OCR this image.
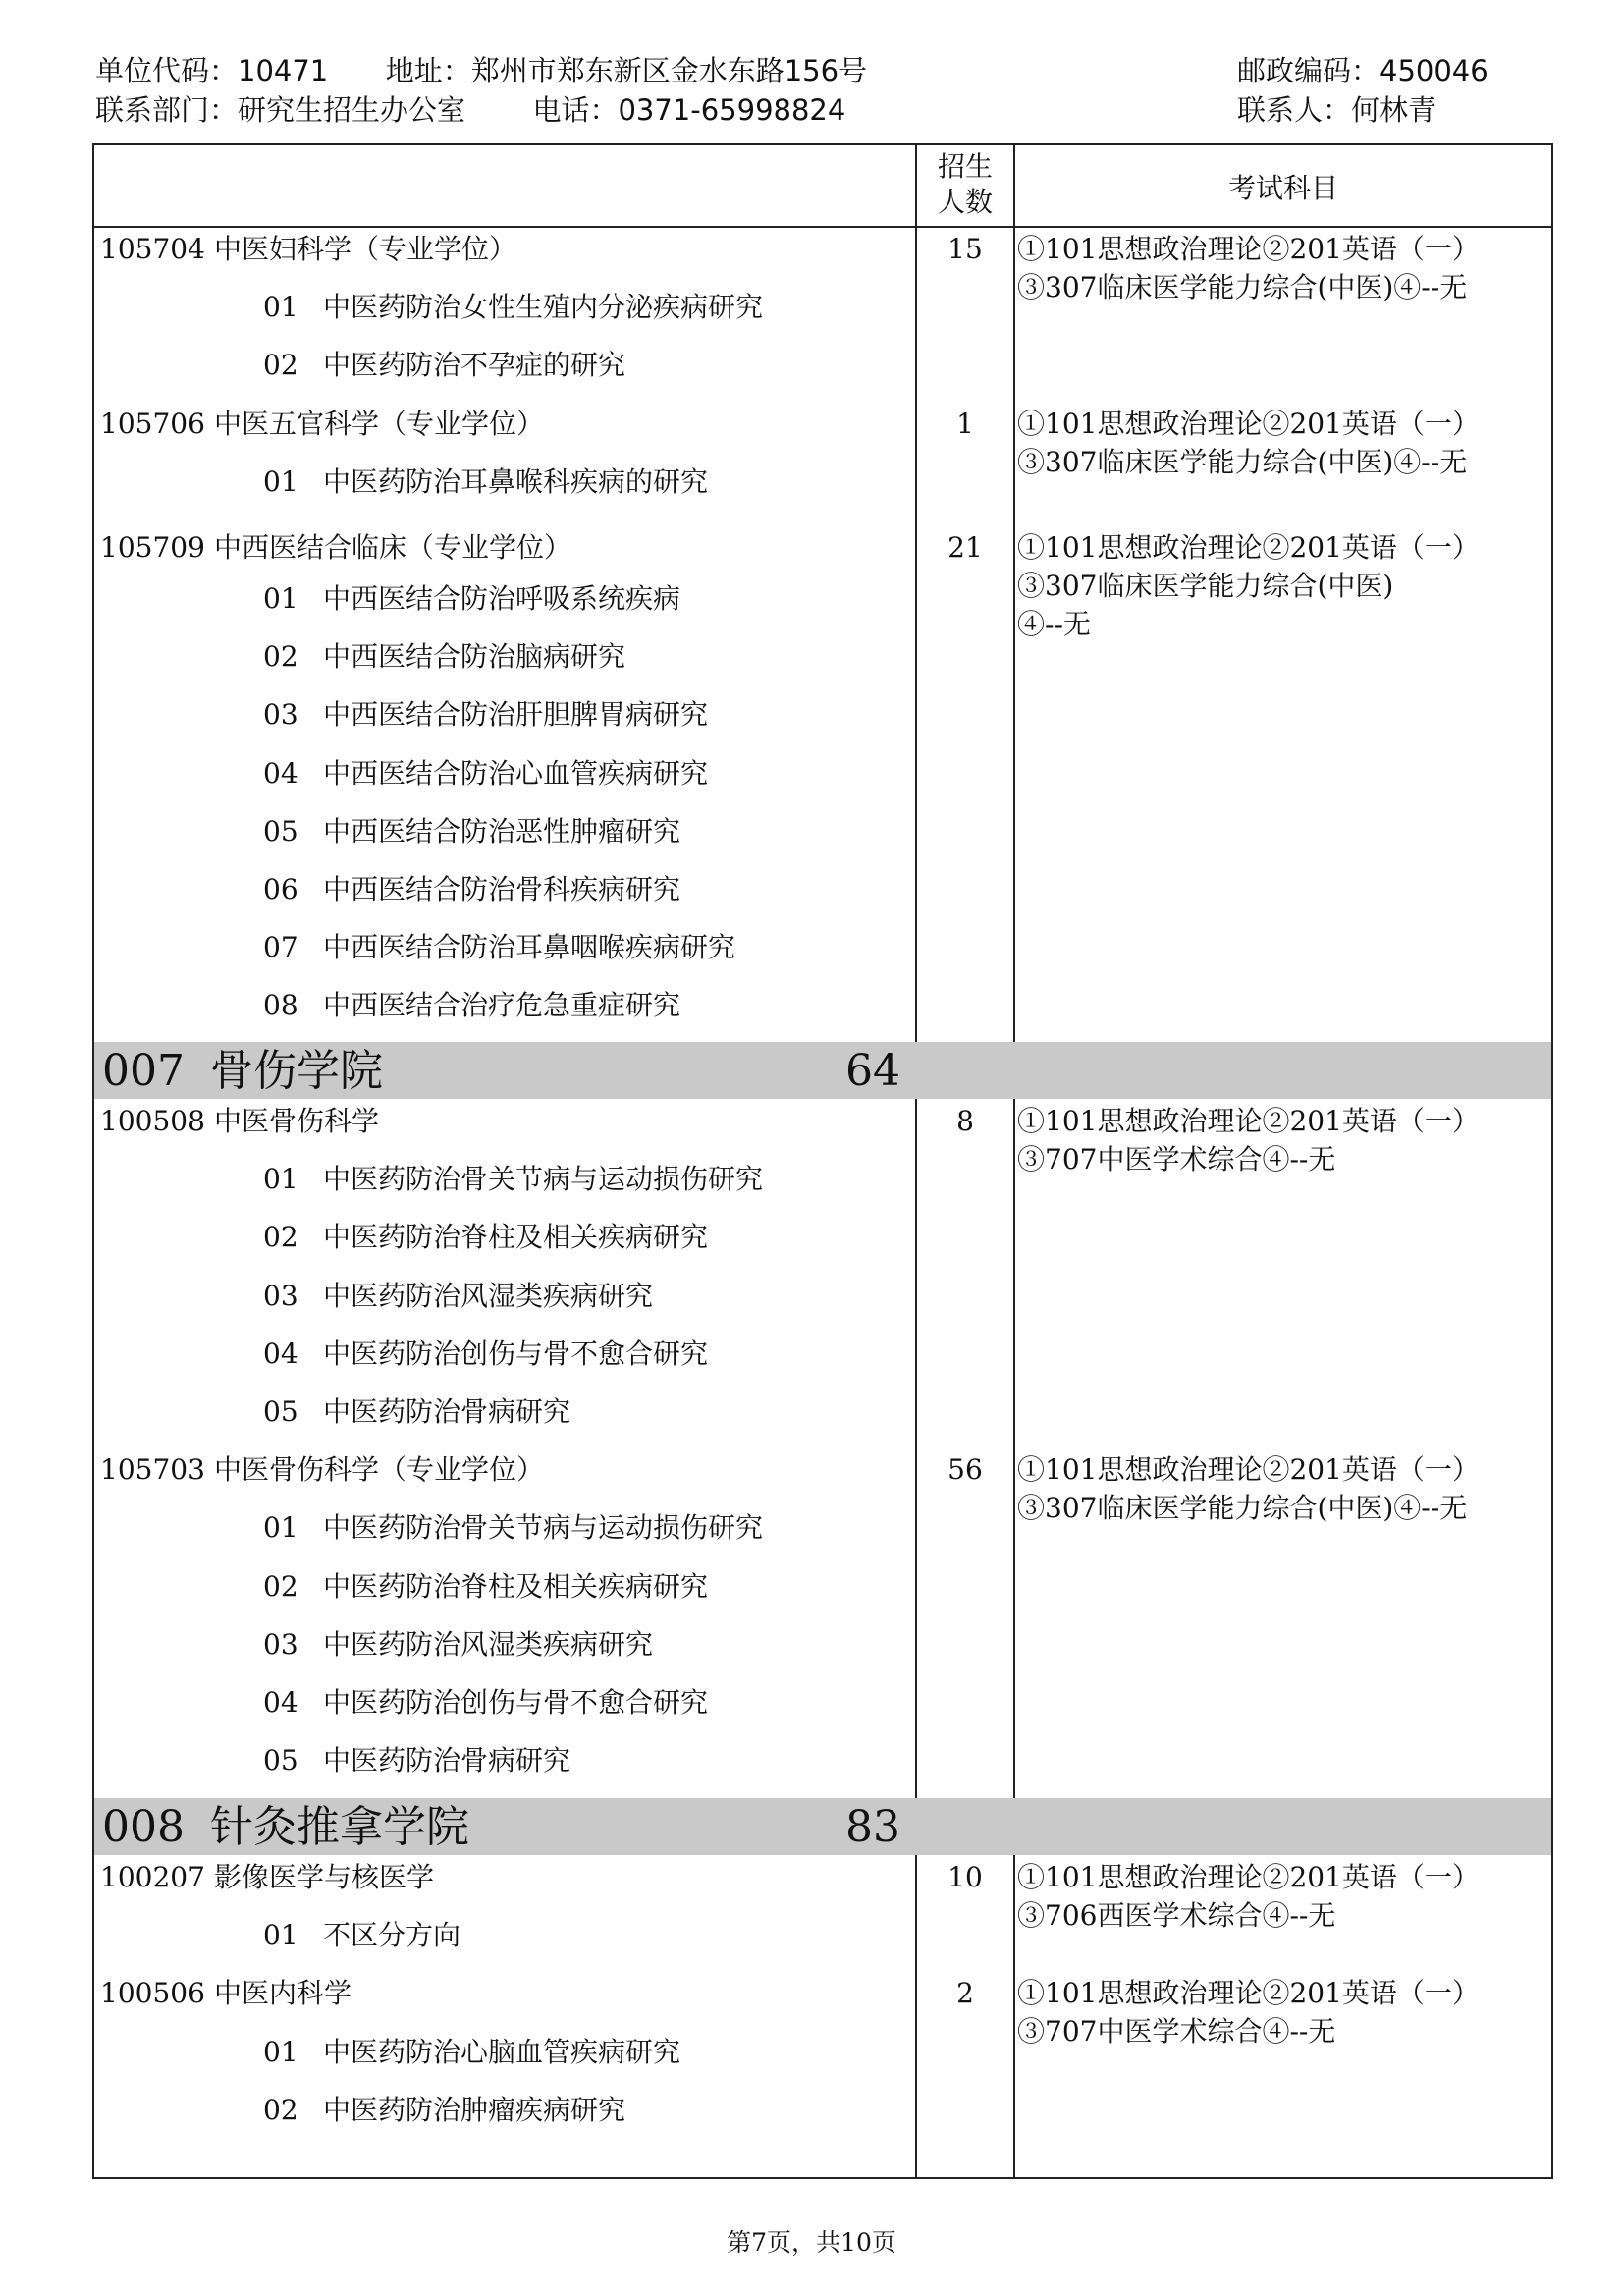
单位代码：10471 地址：郑州市郑东新区金水东路156号	邮政编码：450046
联系部门：研究生招生办公室 电话：0371-65998824	联系人：何林青
招生
人数	考试科目
105704 中医妇科学（专业学位）	15	①101思想政治理论②201英语（一）
③307临床医学能力综合(中医)④--无
01 中医药防治女性生殖内分泌疾病研究
02 中医药防治不孕症的研究
105706 中医五官科学（专业学位）	1	①101思想政治理论②201英语（一）
③307临床医学能力综合(中医)④--无
01 中医药防治耳鼻喉科疾病的研究
105709 中西医结合临床（专业学位）	21	①101思想政治理论②201英语（一）
③307临床医学能力综合(中医)
④--无
01 中西医结合防治呼吸系统疾病
02 中西医结合防治脑病研究
03 中西医结合防治肝胆脾胃病研究
04 中西医结合防治心血管疾病研究
05 中西医结合防治恶性肿瘤研究
06 中西医结合防治骨科疾病研究
07 中西医结合防治耳鼻咽喉疾病研究
08 中西医结合治疗危急重症研究
007 骨伤学院	64
100508 中医骨伤科学	8	①101思想政治理论②201英语（一）
③707中医学术综合④--无
01 中医药防治骨关节病与运动损伤研究
02 中医药防治脊柱及相关疾病研究
03 中医药防治风湿类疾病研究
04 中医药防治创伤与骨不愈合研究
05 中医药防治骨病研究
105703 中医骨伤科学（专业学位）	56	①101思想政治理论②201英语（一）
③307临床医学能力综合(中医)④--无
01 中医药防治骨关节病与运动损伤研究
02 中医药防治脊柱及相关疾病研究
03 中医药防治风湿类疾病研究
04 中医药防治创伤与骨不愈合研究
05 中医药防治骨病研究
008 针灸推拿学院	83
100207 影像医学与核医学	10	①101思想政治理论②201英语（一）
③706西医学术综合④--无
01 不区分方向
100506 中医内科学	2	①101思想政治理论②201英语（一）
③707中医学术综合④--无
01 中医药防治心脑血管疾病研究
02 中医药防治肿瘤疾病研究
第7页，共10页
